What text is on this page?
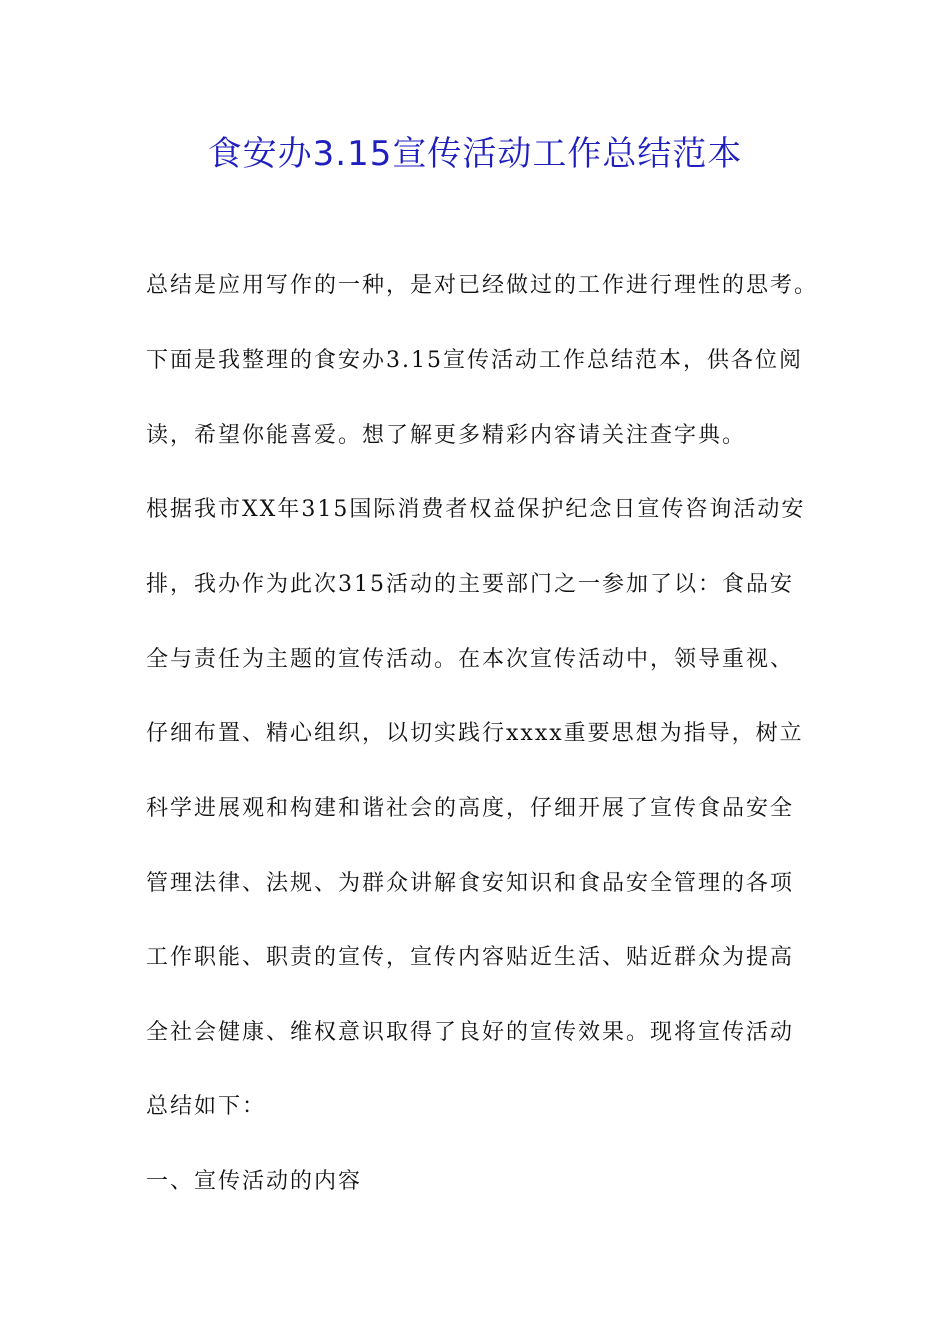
食安办3.15宣传活动工作总结范本
总结是应用写作的一种，是对已经做过的工作进行理性的思考。
下面是我整理的食安办3.15宣传活动工作总结范本，供各位阅
读，希望你能喜爱。想了解更多精彩内容请关注查字典。
根据我市XX年315国际消费者权益保护纪念日宣传咨询活动安
排，我办作为此次315活动的主要部门之一参加了以：食品安
全与责任为主题的宣传活动。在本次宣传活动中，领导重视、
仔细布置、精心组织，以切实践行xxxx重要思想为指导，树立
科学进展观和构建和谐社会的高度，仔细开展了宣传食品安全
管理法律、法规、为群众讲解食安知识和食品安全管理的各项
工作职能、职责的宣传，宣传内容贴近生活、贴近群众为提高
全社会健康、维权意识取得了良好的宣传效果。现将宣传活动
总结如下：
一、宣传活动的内容
